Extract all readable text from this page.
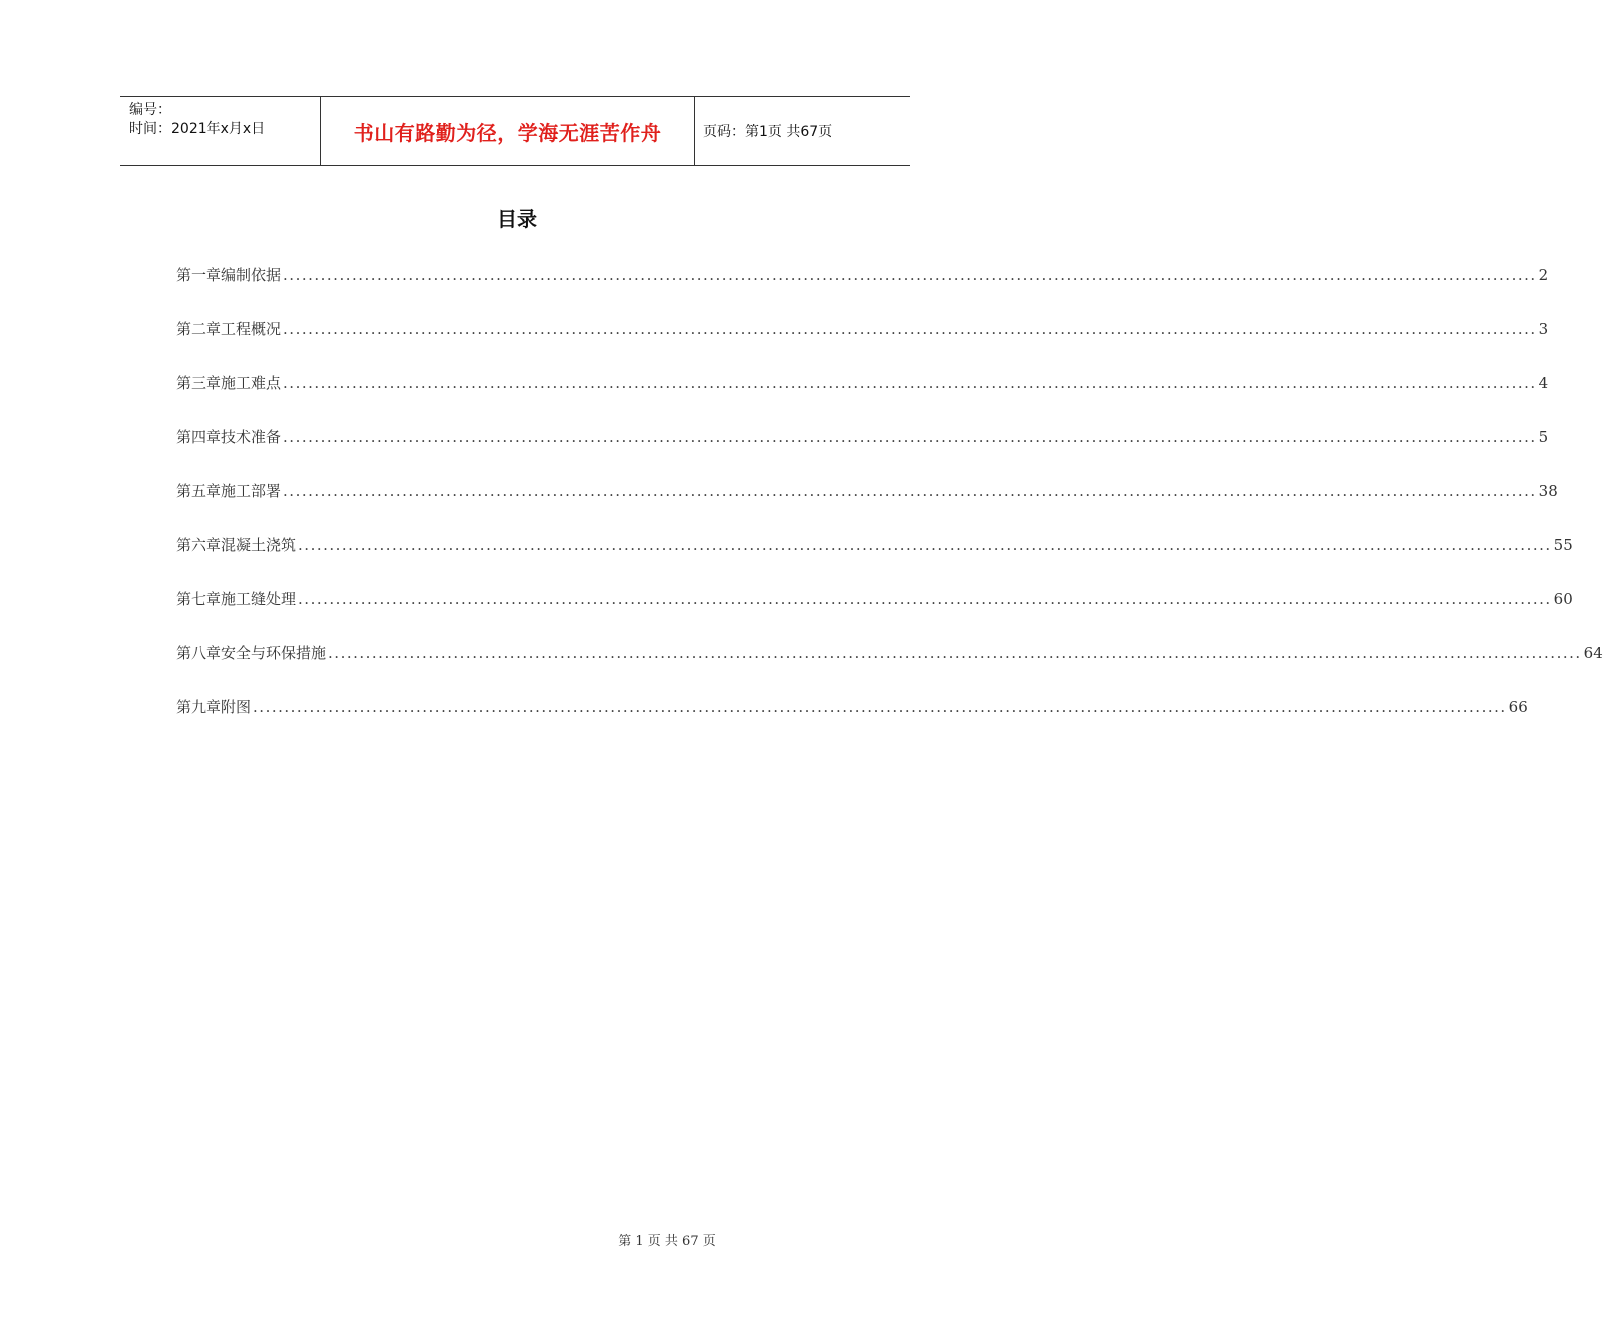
编号：
时间：2021年x月x日	书山有路勤为径，学海无涯苦作舟	页码：第1页 共67页
目录
第一章 编制依据 ........................................................................................................................................................................................................ 2
第二章 工程概况 ........................................................................................................................................................................................................ 3
第三章 施工难点 ........................................................................................................................................................................................................ 4
第四章 技术准备 ........................................................................................................................................................................................................ 5
第五章 施工部署 ........................................................................................................................................................................................................ 38
第六章 混凝土浇筑 ........................................................................................................................................................................................................ 55
第七章 施工缝处理 ........................................................................................................................................................................................................ 60
第八章 安全与环保措施 ........................................................................................................................................................................................................ 64
第九章 附图 ........................................................................................................................................................................................................ 66
第 1 页 共 67 页
